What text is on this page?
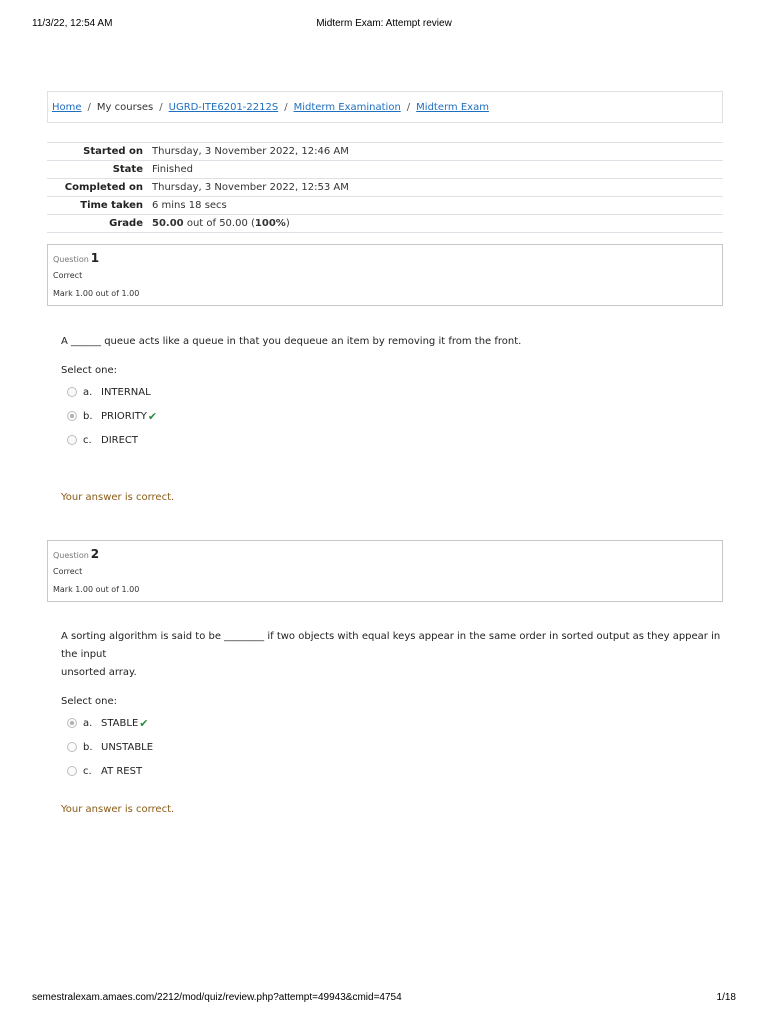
11/3/22, 12:54 AM	Midterm Exam: Attempt review
Home / My courses / UGRD-ITE6201-2212S / Midterm Examination / Midterm Exam
Started on	Thursday, 3 November 2022, 12:46 AM
State	Finished
Completed on	Thursday, 3 November 2022, 12:53 AM
Time taken	6 mins 18 secs
Grade	50.00 out of 50.00 (100%)
Question 1
Correct
Mark 1.00 out of 1.00
A ______ queue acts like a queue in that you dequeue an item by removing it from the front.
Select one:
a. INTERNAL
b. PRIORITY ✔
c. DIRECT
Your answer is correct.
Question 2
Correct
Mark 1.00 out of 1.00
A sorting algorithm is said to be ________ if two objects with equal keys appear in the same order in sorted output as they appear in the input
unsorted array.
Select one:
a. STABLE ✔
b. UNSTABLE
c. AT REST
Your answer is correct.
semestralexam.amaes.com/2212/mod/quiz/review.php?attempt=49943&cmid=4754	1/18
